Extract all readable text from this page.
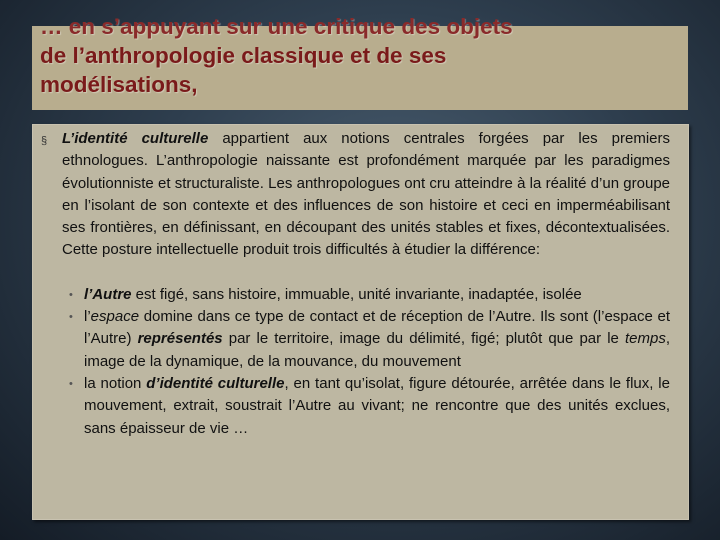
… en s’appuyant sur une critique des objets
de l’anthropologie classique et de ses
modélisations,

§ L’identité culturelle appartient aux notions centrales forgées par les premiers ethnologues. L’anthropologie naissante est profondément marquée par les paradigmes évolutionniste et structuraliste. Les anthropologues ont cru atteindre à la réalité d’un groupe en l’isolant de son contexte et des influences de son histoire et ceci en imperméabilisant ses frontières, en définissant, en découpant des unités stables et fixes, décontextualisées. Cette posture intellectuelle produit trois difficultés à étudier la différence:

• l’Autre est figé, sans histoire, immuable, unité invariante, inadaptée, isolée
• l’espace domine dans ce type de contact et de réception de l’Autre. Ils sont (l’espace et l’Autre) représentés par le territoire, image du délimité, figé; plutôt que par le temps, image de la dynamique, de la mouvance, du mouvement
• la notion d’identité culturelle, en tant qu’isolat, figure détourée, arrêtée dans le flux, le mouvement, extrait, soustrait l’Autre au vivant; ne rencontre que des unités exclues, sans épaisseur de vie …
